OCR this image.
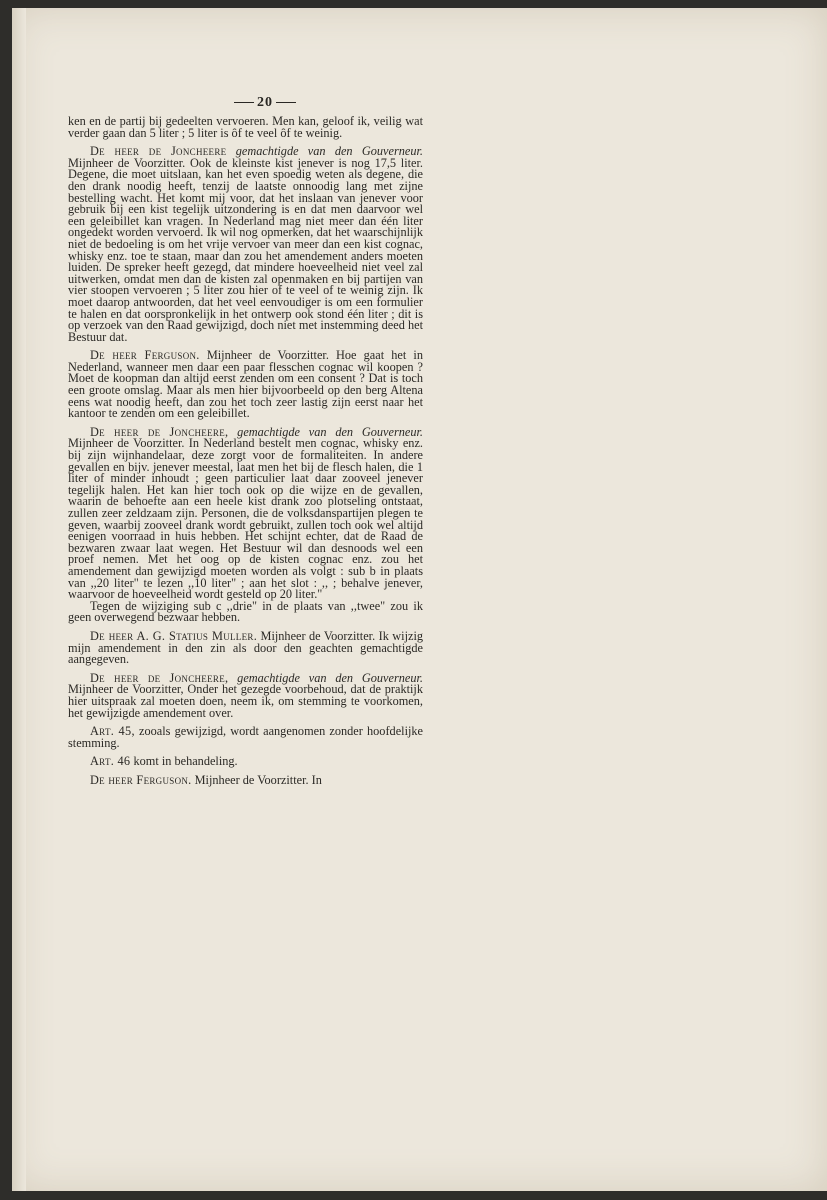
20

ken en de partij bij gedeelten vervoeren. Men kan, geloof ik, veilig wat verder gaan dan 5 liter ; 5 liter is ôf te veel ôf te weinig.

De heer de Joncheere gemachtigde van den Gouverneur. Mijnheer de Voorzitter. Ook de kleinste kist jenever is nog 17,5 liter. Degene, die moet uitslaan, kan het even spoedig weten als degene, die den drank noodig heeft, tenzij de laatste onnoodig lang met zijne bestelling wacht. Het komt mij voor, dat het inslaan van jenever voor gebruik bij een kist tegelijk uitzondering is en dat men daarvoor wel een geleibillet kan vragen. In Nederland mag niet meer dan één liter ongedekt worden vervoerd. Ik wil nog opmerken, dat het waarschijnlijk niet de bedoeling is om het vrije vervoer van meer dan een kist cognac, whisky enz. toe te staan, maar dan zou het amendement anders moeten luiden. De spreker heeft gezegd, dat mindere hoeveelheid niet veel zal uitwerken, omdat men dan de kisten zal openmaken en bij partijen van vier stoopen vervoeren ; 5 liter zou hier of te veel of te weinig zijn. Ik moet daarop antwoorden, dat het veel eenvoudiger is om een formulier te halen en dat oorspronkelijk in het ontwerp ook stond één liter ; dit is op verzoek van den Raad gewijzigd, doch niet met instemming deed het Bestuur dat.

De heer Ferguson. Mijnheer de Voorzitter. Hoe gaat het in Nederland, wanneer men daar een paar flesschen cognac wil koopen ? Moet de koopman dan altijd eerst zenden om een consent ? Dat is toch een groote omslag. Maar als men hier bijvoorbeeld op den berg Altena eens wat noodig heeft, dan zou het toch zeer lastig zijn eerst naar het kantoor te zenden om een geleibillet.

De heer de Joncheere, gemachtigde van den Gouverneur. Mijnheer de Voorzitter. In Nederland bestelt men cognac, whisky enz. bij zijn wijnhandelaar, deze zorgt voor de formaliteiten. In andere gevallen en bijv. jenever meestal, laat men het bij de flesch halen, die 1 liter of minder inhoudt ; geen particulier laat daar zooveel jenever tegelijk halen. Het kan hier toch ook op die wijze en de gevallen, waarin de behoefte aan een heele kist drank zoo plotseling ontstaat, zullen zeer zeldzaam zijn. Personen, die de volksdanspartijen plegen te geven, waarbij zooveel drank wordt gebruikt, zullen toch ook wel altijd eenigen voorraad in huis hebben. Het schijnt echter, dat de Raad de bezwaren zwaar laat wegen. Het Bestuur wil dan desnoods wel een proef nemen. Met het oog op de kisten cognac enz. zou het amendement dan gewijzigd moeten worden als volgt : sub b in plaats van ,,20 liter" te lezen ,,10 liter" ; aan het slot : ,, ; behalve jenever, waarvoor de hoeveelheid wordt gesteld op 20 liter."

Tegen de wijziging sub c ,,drie" in de plaats van ,,twee" zou ik geen overwegend bezwaar hebben.

De heer A. G. Statius Muller. Mijnheer de Voorzitter. Ik wijzig mijn amendement in den zin als door den geachten gemachtigde aangegeven.

De heer de Joncheere, gemachtigde van den Gouverneur. Mijnheer de Voorzitter, Onder het gezegde voorbehoud, dat de praktijk hier uitspraak zal moeten doen, neem ik, om stemming te voorkomen, het gewijzigde amendement over.

Art. 45, zooals gewijzigd, wordt aangenomen zonder hoofdelijke stemming.

Art. 46 komt in behandeling.

De heer Ferguson. Mijnheer de Voorzitter. In
